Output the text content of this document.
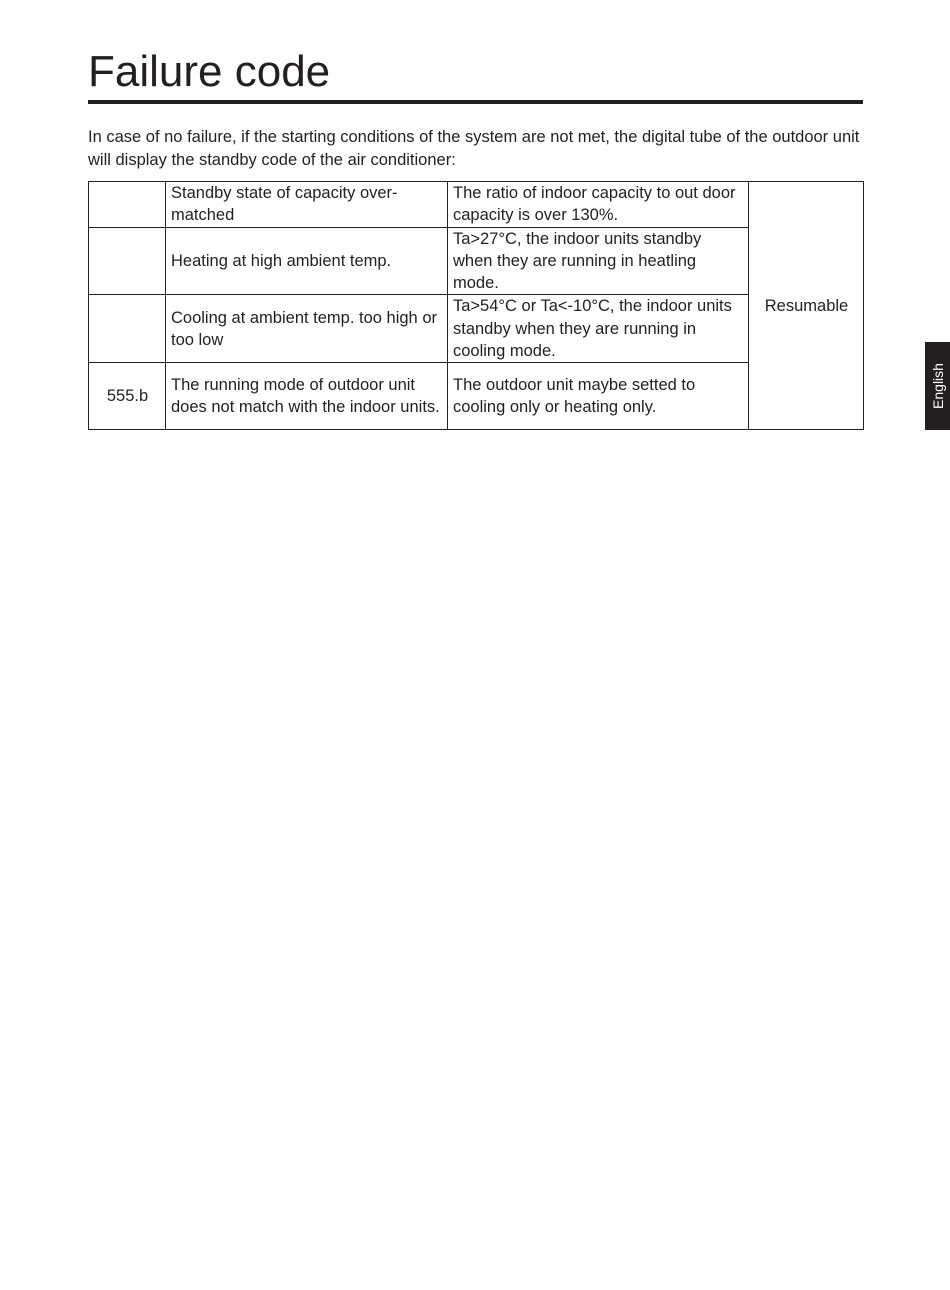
Failure code

In case of no failure, if the starting conditions of the system are not met, the digital tube of the outdoor unit will display the standby code of the air conditioner:

	Standby state of capacity over-matched	The ratio of indoor capacity to out door capacity is over 130%.	Resumable
	Heating at high ambient temp.	Ta>27°C, the indoor units standby when they are running in heatling mode.	
	Cooling at ambient temp. too high or too low	Ta>54°C or Ta<-10°C, the indoor units standby when they are running in cooling mode.	
555.b	The running mode of outdoor unit does not match with the indoor units.	The outdoor unit maybe setted to cooling only or heating only.		English
